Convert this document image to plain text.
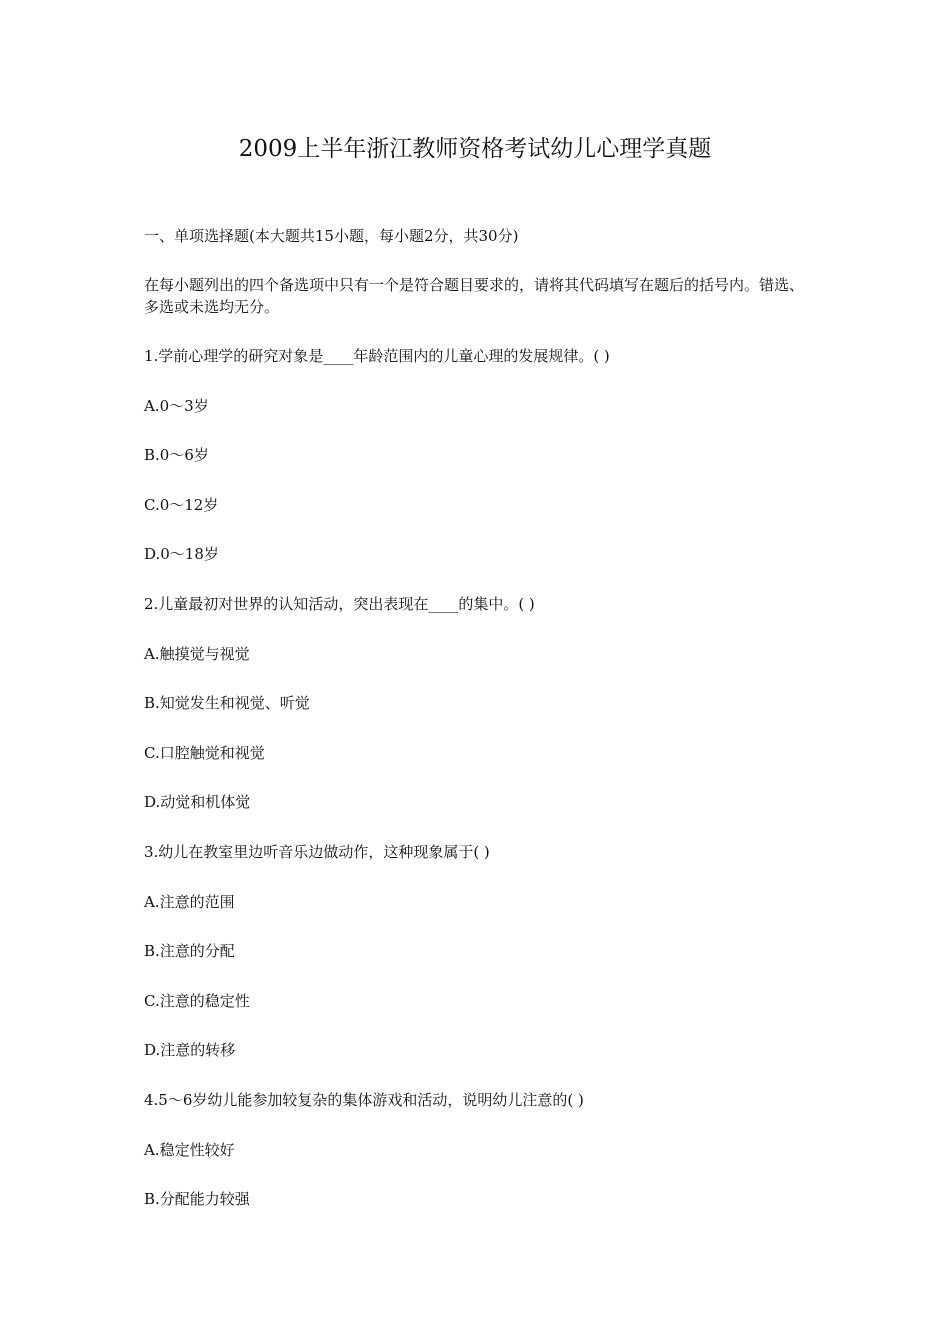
2009上半年浙江教师资格考试幼儿心理学真题

一、单项选择题(本大题共15小题，每小题2分，共30分)

在每小题列出的四个备选项中只有一个是符合题目要求的，请将其代码填写在题后的括号内。错选、多选或未选均无分。

1.学前心理学的研究对象是____年龄范围内的儿童心理的发展规律。( )

A.0～3岁

B.0～6岁

C.0～12岁

D.0～18岁

2.儿童最初对世界的认知活动，突出表现在____的集中。( )

A.触摸觉与视觉

B.知觉发生和视觉、听觉

C.口腔触觉和视觉

D.动觉和机体觉

3.幼儿在教室里边听音乐边做动作，这种现象属于( )

A.注意的范围

B.注意的分配

C.注意的稳定性

D.注意的转移

4.5～6岁幼儿能参加较复杂的集体游戏和活动，说明幼儿注意的( )

A.稳定性较好

B.分配能力较强
